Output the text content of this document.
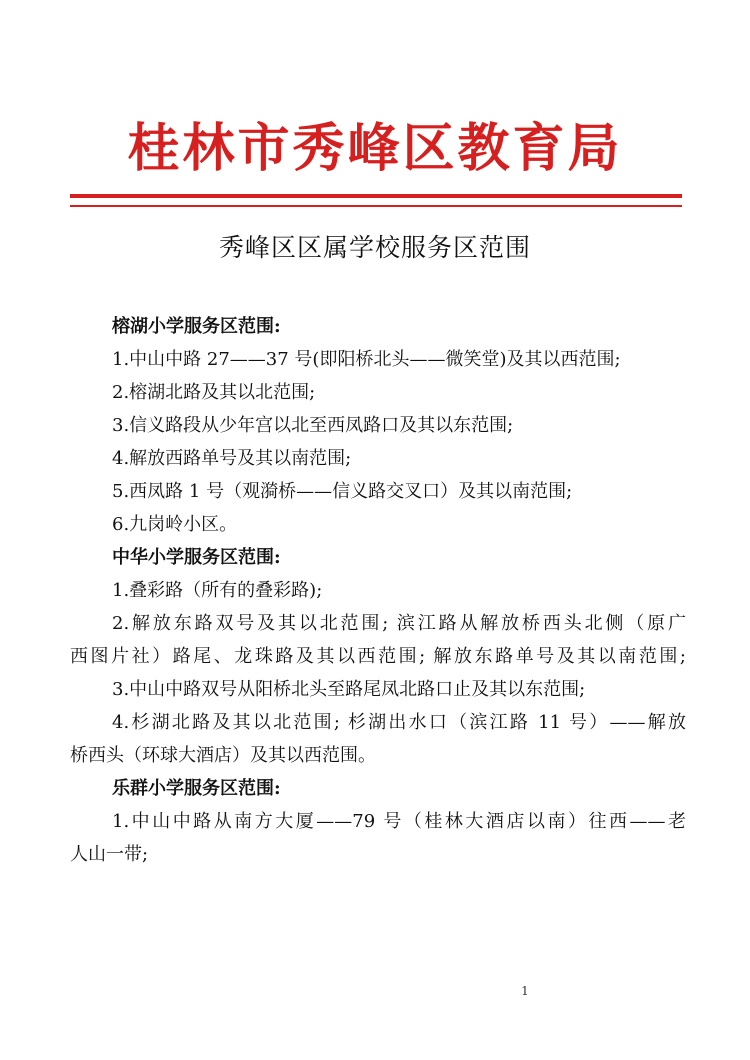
桂林市秀峰区教育局
秀峰区区属学校服务区范围
榕湖小学服务区范围:
1.中山中路 27——37 号(即阳桥北头——微笑堂)及其以西范围;
2.榕湖北路及其以北范围;
3.信义路段从少年宫以北至西凤路口及其以东范围;
4.解放西路单号及其以南范围;
5.西凤路 1 号（观漪桥——信义路交叉口）及其以南范围;
6.九岗岭小区。
中华小学服务区范围:
1.叠彩路（所有的叠彩路);
2.解放东路双号及其以北范围; 滨江路从解放桥西头北侧（原广
西图片社）路尾、龙珠路及其以西范围; 解放东路单号及其以南范围;
3.中山中路双号从阳桥北头至路尾凤北路口止及其以东范围;
4.杉湖北路及其以北范围; 杉湖出水口（滨江路 11 号）——解放
桥西头（环球大酒店）及其以西范围。
乐群小学服务区范围:
1.中山中路从南方大厦——79 号（桂林大酒店以南）往西——老
人山一带;
1
